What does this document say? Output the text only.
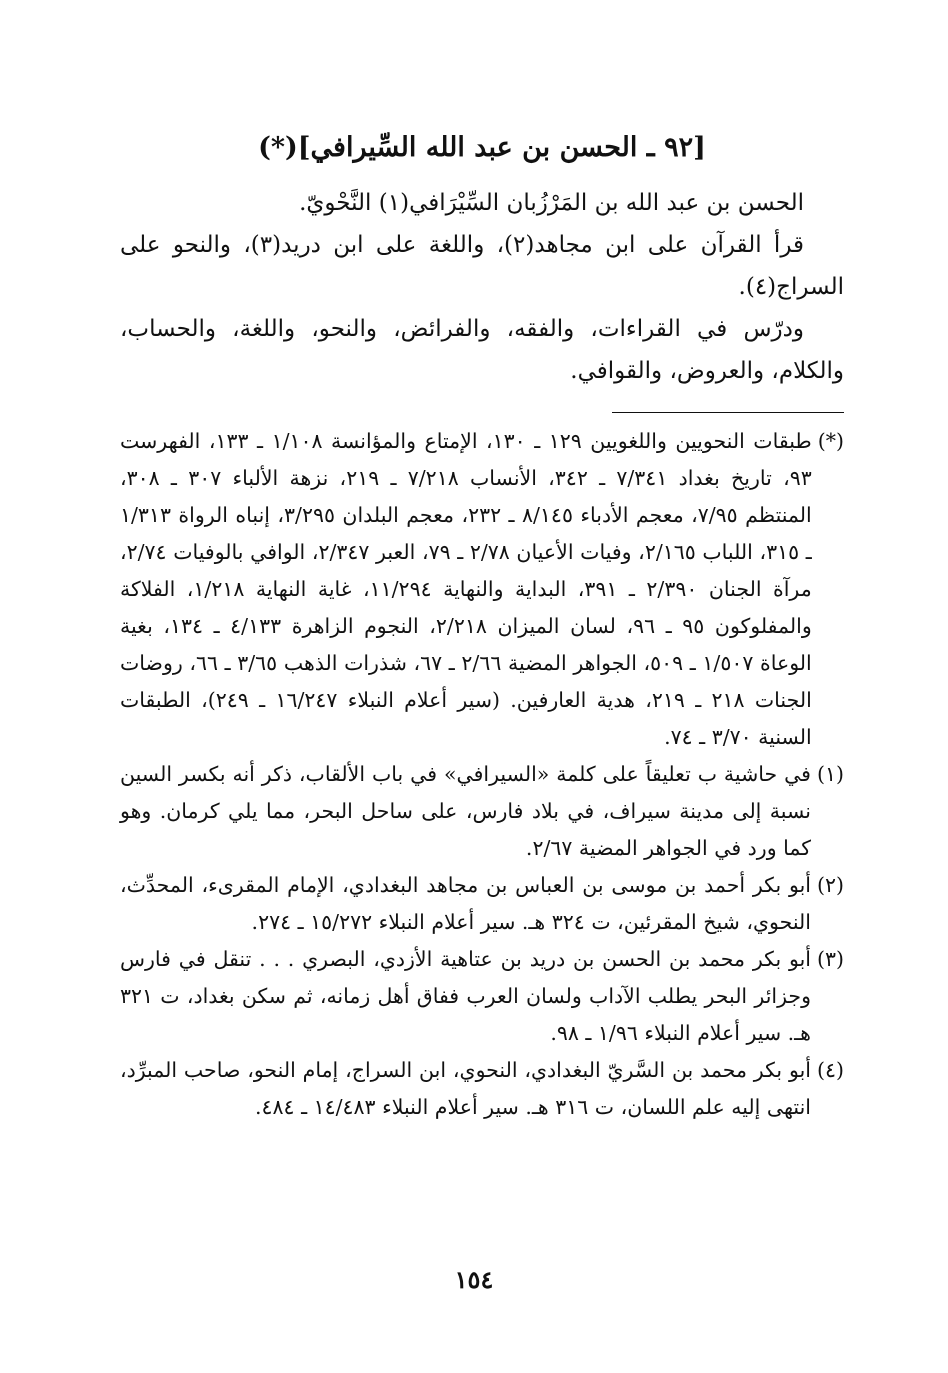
[٩٢ ـ الحسن بن عبد الله السِّيرافي](*)

الحسن بن عبد الله بن المَرْزُبان السِّيْرَافي(١) النَّحْويّ.

قرأ القرآن على ابن مجاهد(٢)، واللغة على ابن دريد(٣)، والنحو على السراج(٤).

ودرّس في القراءات، والفقه، والفرائض، والنحو، واللغة، والحساب، والكلام، والعروض، والقوافي.

(*)
طبقات النحويين واللغويين ١٢٩ ـ ١٣٠، الإمتاع والمؤانسة ١/١٠٨ ـ ١٣٣، الفهرست ٩٣، تاريخ بغداد ٧/٣٤١ ـ ٣٤٢، الأنساب ٧/٢١٨ ـ ٢١٩، نزهة الألباء ٣٠٧ ـ ٣٠٨، المنتظم ٧/٩٥، معجم الأدباء ٨/١٤٥ ـ ٢٣٢، معجم البلدان ٣/٢٩٥، إنباه الرواة ١/٣١٣ ـ ٣١٥، اللباب ٢/١٦٥، وفيات الأعيان ٢/٧٨ ـ ٧٩، العبر ٢/٣٤٧، الوافي بالوفيات ٢/٧٤، مرآة الجنان ٢/٣٩٠ ـ ٣٩١، البداية والنهاية ١١/٢٩٤، غاية النهاية ١/٢١٨، الفلاكة والمفلوكون ٩٥ ـ ٩٦، لسان الميزان ٢/٢١٨، النجوم الزاهرة ٤/١٣٣ ـ ١٣٤، بغية الوعاة ١/٥٠٧ ـ ٥٠٩، الجواهر المضية ٢/٦٦ ـ ٦٧، شذرات الذهب ٣/٦٥ ـ ٦٦، روضات الجنات ٢١٨ ـ ٢١٩، هدية العارفين. (سير أعلام النبلاء ١٦/٢٤٧ ـ ٢٤٩)، الطبقات السنية ٣/٧٠ ـ ٧٤.
(١)
في حاشية ب تعليقاً على كلمة «السيرافي» في باب الألقاب، ذكر أنه بكسر السين نسبة إلى مدينة سيراف، في بلاد فارس، على ساحل البحر، مما يلي كرمان. وهو كما ورد في الجواهر المضية ٢/٦٧.
(٢)
أبو بكر أحمد بن موسى بن العباس بن مجاهد البغدادي، الإمام المقرىء، المحدِّث، النحوي، شيخ المقرئين، ت ٣٢٤ هـ. سير أعلام النبلاء ١٥/٢٧٢ ـ ٢٧٤.
(٣)
أبو بكر محمد بن الحسن بن دريد بن عتاهية الأزدي، البصري . . . تنقل في فارس وجزائر البحر يطلب الآداب ولسان العرب ففاق أهل زمانه، ثم سكن بغداد، ت ٣٢١ هـ. سير أعلام النبلاء ١/٩٦ ـ ٩٨.
(٤)
أبو بكر محمد بن السَّريّ البغدادي، النحوي، ابن السراج، إمام النحو، صاحب المبرِّد، انتهى إليه علم اللسان، ت ٣١٦ هـ. سير أعلام النبلاء ١٤/٤٨٣ ـ ٤٨٤.
١٥٤
